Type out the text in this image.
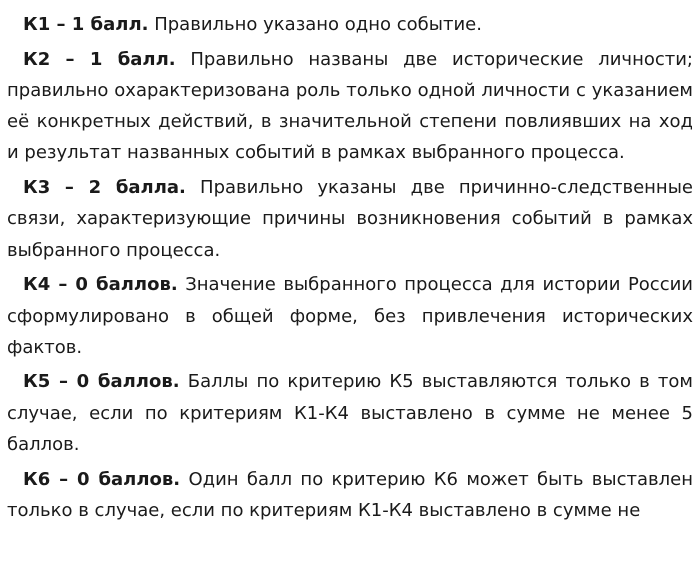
К1 – 1 балл. Правильно указано одно событие.

К2 – 1 балл. Правильно названы две исторические личности; правильно охарактеризована роль только одной личности с указанием её конкретных действий, в значительной степени повлиявших на ход и результат названных событий в рамках выбранного процесса.

К3 – 2 балла. Правильно указаны две причинно-следственные связи, характеризующие причины возникновения событий в рамках выбранного процесса.

К4 – 0 баллов. Значение выбранного процесса для истории России сформулировано в общей форме, без привлечения исторических фактов.

К5 – 0 баллов. Баллы по критерию К5 выставляются только в том случае, если по критериям К1-К4 выставлено в сумме не менее 5 баллов.

К6 – 0 баллов. Один балл по критерию К6 может быть выставлен только в случае, если по критериям К1-К4 выставлено в сумме не
